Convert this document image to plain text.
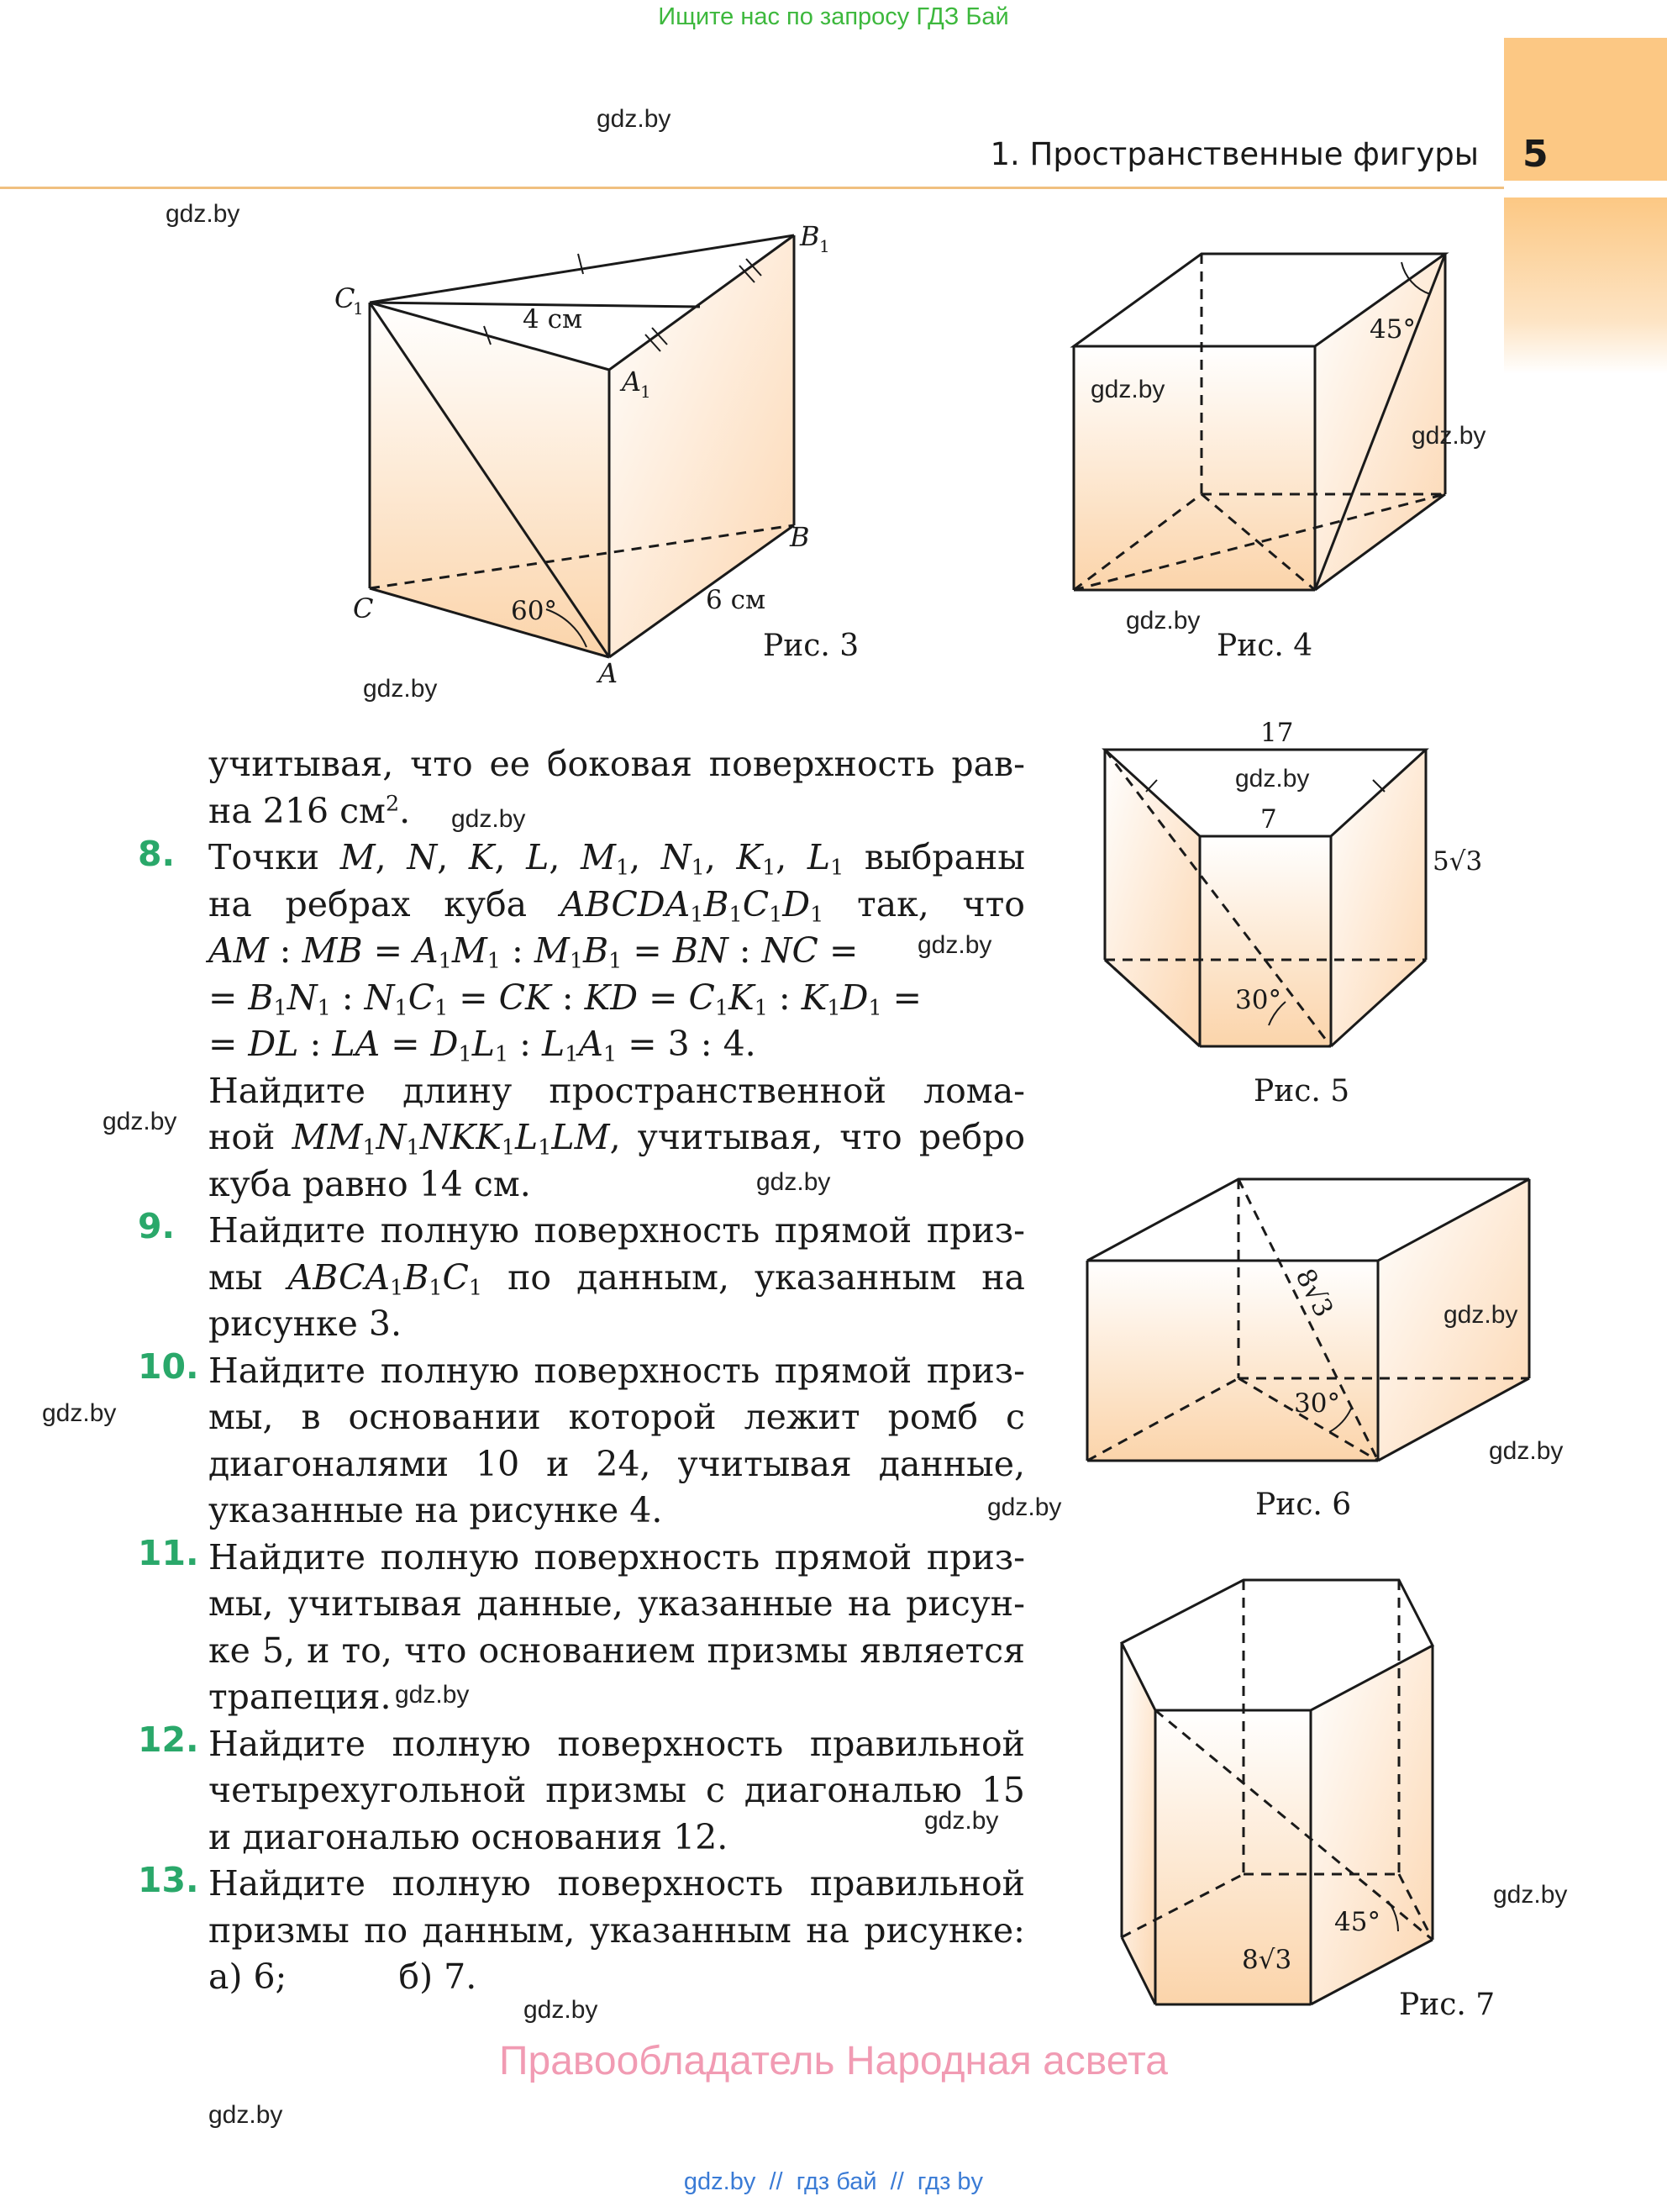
Ищите нас по запросу ГДЗ Бай
1. Пространственные фигуры 5
B 1
C
1
A
1
B
C
A
4 см
6 см
60°
Рис. 3
45°
Рис. 4
17
7
5√3
30°
Рис. 5
8√3
30°
Рис. 6
8√3
45°
Рис. 7
gdz.by
gdz.by
gdz.by
gdz.by
gdz.by
gdz.by
gdz.by
gdz.by
gdz.by
gdz.by
gdz.by
gdz.by
gdz.by
gdz.by
gdz.by
gdz.by
gdz.by
gdz.by
gdz.by
gdz.by
учитывая, что ее боковая поверхность рав-
на 216 $см^2$.
Точки M, N, K, L, $M_1$, $N_1$, $K_1$, $L_1$ выбраны
на ребрах куба $ABCDA_1B_1C_1D_1$ так, что
AM : MB = $A_1M_1$ : $M_1B_1$ = BN : NC =
= $B_1N_1$ : $N_1C_1$ = CK : KD = $C_1K_1$ : $K_1D_1$ =
= DL : LA = $D_1L_1$ : $L_1A_1 = 3$ : 4.
Найдите длину пространственной лома-
ной $MM_1N_1NKK_1L_1LM$, учитывая, что ребро
куба равно 14 см.
Найдите полную поверхность прямой приз-
мы $ABCA_1B_1C_1$ по данным, указанным на
рисунке 3.
Найдите полную поверхность прямой приз-
мы, в основании которой лежит ромб с
диагоналями 10 и 24, учитывая данные,
указанные на рисунке 4.
Найдите полную поверхность прямой приз-
мы, учитывая данные, указанные на рисун-
ке 5, и то, что основанием призмы является
трапеция.
Найдите полную поверхность правильной
четырехугольной призмы с диагональю 15
и диагональю основания 12.
Найдите полную поверхность правильной
призмы по данным, указанным на рисунке:
а) 6;	б) 7.
8.
9.
10.
11.
12.
13.
Правообладатель Народная асвета
gdz.by  //  гдз бай  //  гдз by
